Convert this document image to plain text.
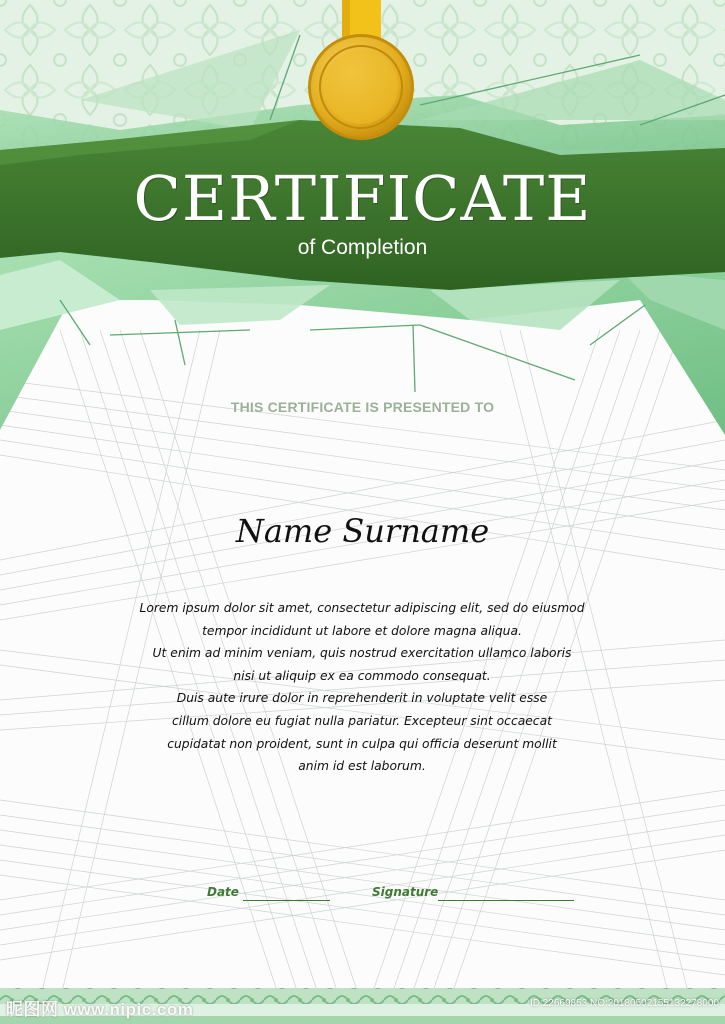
CERTIFICATE
of Completion
THIS CERTIFICATE IS PRESENTED TO
Name Surname
Lorem ipsum dolor sit amet, consectetur adipiscing elit, sed do eiusmod
tempor incididunt ut labore et dolore magna aliqua.
Ut enim ad minim veniam, quis nostrud exercitation ullamco laboris
nisi ut aliquip ex ea commodo consequat.
Duis aute irure dolor in reprehenderit in voluptate velit esse
cillum dolore eu fugiat nulla pariatur. Excepteur sint occaecat
cupidatat non proident, sunt in culpa qui officia deserunt mollit
anim id est laborum.
Date	Signature
昵图网 www.nipic.com	ID:22669853 NO:20180502155132278000
